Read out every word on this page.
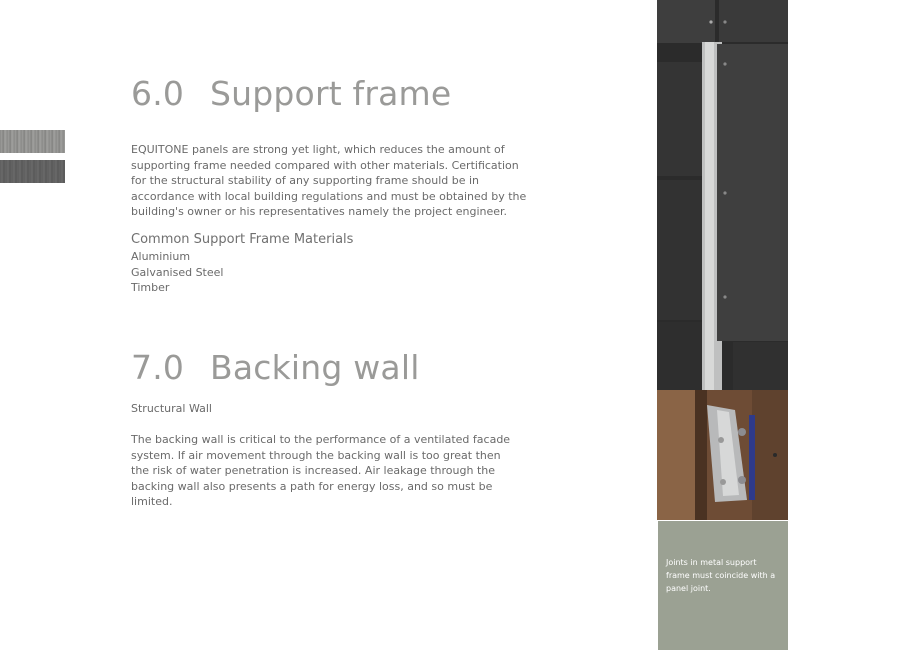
6.0 Support frame

EQUITONE panels are strong yet light, which reduces the amount of supporting frame needed compared with other materials. Certification for the structural stability of any supporting frame should be in accordance with local building regulations and must be obtained by the building's owner or his representatives namely the project engineer.

Common Support Frame Materials
Aluminium
Galvanised Steel
Timber
7.0 Backing wall

Structural Wall

The backing wall is critical to the performance of a ventilated facade system. If air movement through the backing wall is too great then the risk of water penetration is increased. Air leakage through the backing wall also presents a path for energy loss, and so must be limited.

Joints in metal support frame must coincide with a panel joint.
